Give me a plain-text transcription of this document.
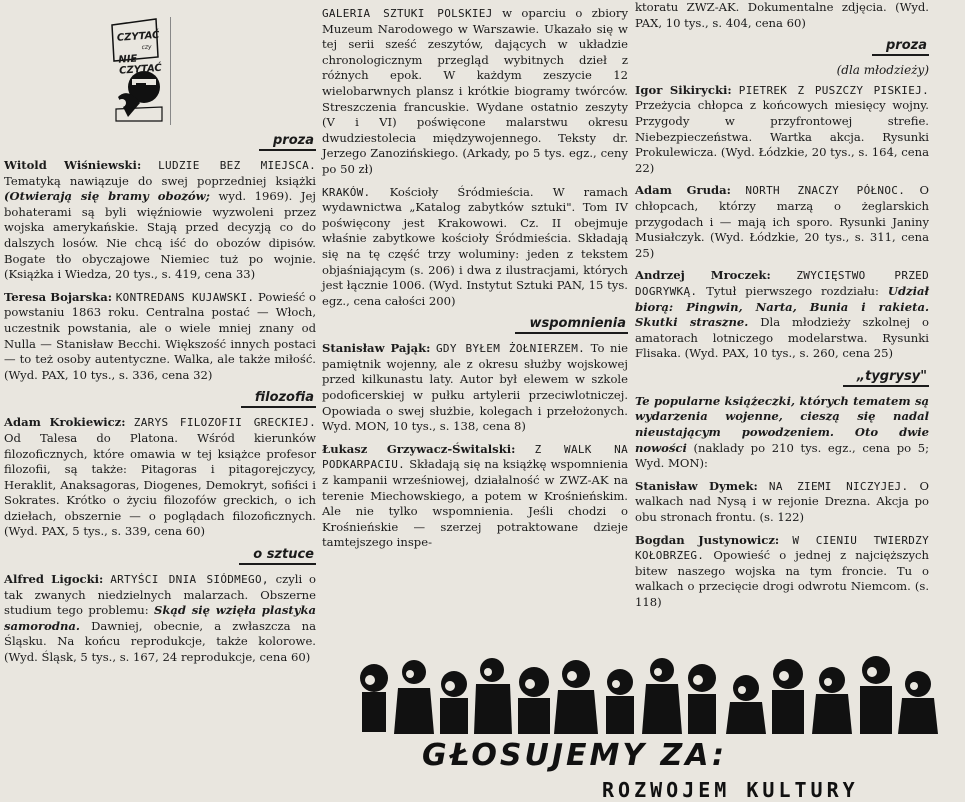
CZYTAĆ
czy
NIE CZYTAĆ
proza

Witold Wiśniewski: LUDZIE BEZ MIEJSCA. Tematyką nawiązuje do swej poprzedniej książki (Otwierają się bramy obozów; wyd. 1969). Jej bohaterami są byli więźniowie wyzwoleni przez wojska amerykańskie. Stają przed decyzją co do dalszych losów. Nie chcą iść do obozów dipisów. Bogate tło obyczajowe Niemiec tuż po wojnie. (Książka i Wiedza, 20 tys., s. 419, cena 33)

Teresa Bojarska: KONTREDANS KUJAWSKI. Powieść o powstaniu 1863 roku. Centralna postać — Włoch, uczestnik powstania, ale o wiele mniej znany od Nulla — Stanisław Becchi. Większość innych postaci — to też osoby autentyczne. Walka, ale także miłość. (Wyd. PAX, 10 tys., s. 336, cena 32)

filozofia

Adam Krokiewicz: ZARYS FILOZOFII GRECKIEJ. Od Talesa do Platona. Wśród kierunków filozoficznych, które omawia w tej książce profesor filozofii, są także: Pitagoras i pitagorejczycy, Heraklit, Anaksagoras, Diogenes, Demokryt, sofiści i Sokrates. Krótko o życiu filozofów greckich, o ich dziełach, obszernie — o poglądach filozoficznych. (Wyd. PAX, 5 tys., s. 339, cena 60)

o sztuce

Alfred Ligocki: ARTYŚCI DNIA SIÓDMEGO, czyli o tak zwanych niedzielnych malarzach. Obszerne studium tego problemu: Skąd się wzięła plastyka samorodna. Dawniej, obecnie, a zwłaszcza na Śląsku. Na końcu reprodukcje, także kolorowe. (Wyd. Śląsk, 5 tys., s. 167, 24 reprodukcje, cena 60)

GALERIA SZTUKI POLSKIEJ w oparciu o zbiory Muzeum Narodowego w Warszawie. Ukazało się w tej serii sześć zeszytów, dających w układzie chronologicznym przegląd wybitnych dzieł z różnych epok. W każdym zeszycie 12 wielobarwnych plansz i krótkie biogramy twórców. Streszczenia francuskie. Wydane ostatnio zeszyty (V i VI) poświęcone malarstwu okresu dwudziestolecia międzywojennego. Teksty dr. Jerzego Zanozińskiego. (Arkady, po 5 tys. egz., ceny po 50 zł)

KRAKÓW. Kościoły Śródmieścia. W ramach wydawnictwa „Katalog zabytków sztuki". Tom IV poświęcony jest Krakowowi. Cz. II obejmuje właśnie zabytkowe kościoły Śródmieścia. Składają się na tę część trzy woluminy: jeden z tekstem objaśniającym (s. 206) i dwa z ilustracjami, których jest łącznie 1006. (Wyd. Instytut Sztuki PAN, 15 tys. egz., cena całości 200)

wspomnienia

Stanisław Pająk: GDY BYŁEM ŻOŁNIERZEM. To nie pamiętnik wojenny, ale z okresu służby wojskowej przed kilkunastu laty. Autor był elewem w szkole podoficerskiej w pułku artylerii przeciwlotniczej. Opowiada o swej służbie, kolegach i przełożonych. Wyd. MON, 10 tys., s. 138, cena 8)

Łukasz Grzywacz-Świtalski: Z WALK NA PODKARPACIU. Składają się na książkę wspomnienia z kampanii wrześniowej, działalność w ZWZ-AK na terenie Miechowskiego, a potem w Krośnieńskim. Ale nie tylko wspomnienia. Jeśli chodzi o Krośnieńskie — szerzej potraktowane dzieje tamtejszego inspe-

ktoratu ZWZ-AK. Dokumentalne zdjęcia. (Wyd. PAX, 10 tys., s. 404, cena 60)

proza
(dla młodzieży)

Igor Sikirycki: PIETREK Z PUSZCZY PISKIEJ. Przeżycia chłopca z końcowych miesięcy wojny. Przygody w przyfrontowej strefie. Niebezpieczeństwa. Wartka akcja. Rysunki Prokulewicza. (Wyd. Łódzkie, 20 tys., s. 164, cena 22)

Adam Gruda: NORTH ZNACZY PÓŁNOC. O chłopcach, którzy marzą o żeglarskich przygodach i — mają ich sporo. Rysunki Janiny Musiałczyk. (Wyd. Łódzkie, 20 tys., s. 311, cena 25)

Andrzej Mroczek: ZWYCIĘSTWO PRZED DOGRYWKĄ. Tytuł pierwszego rozdziału: Udział biorą: Pingwin, Narta, Bunia i rakieta. Skutki straszne. Dla młodzieży szkolnej o amatorach lotniczego modelarstwa. Rysunki Flisaka. (Wyd. PAX, 10 tys., s. 260, cena 25)

„tygrysy"

Te popularne książeczki, których tematem są wydarzenia wojenne, cieszą się nadal nieustającym powodzeniem. Oto dwie nowości (naklady po 210 tys. egz., cena po 5; Wyd. MON):

Stanisław Dymek: NA ZIEMI NICZYJEJ. O walkach nad Nysą i w rejonie Drezna. Akcja po obu stronach frontu. (s. 122)

Bogdan Justynowicz: W CIENIU TWIERDZY KOŁOBRZEG. Opowieść o jednej z najcięższych bitew naszego wojska na tym froncie. Tu o walkach o przecięcie drogi odwrotu Niemcom. (s. 118)

GŁOSUJEMY ZA:
ROZWOJEM KULTURY
